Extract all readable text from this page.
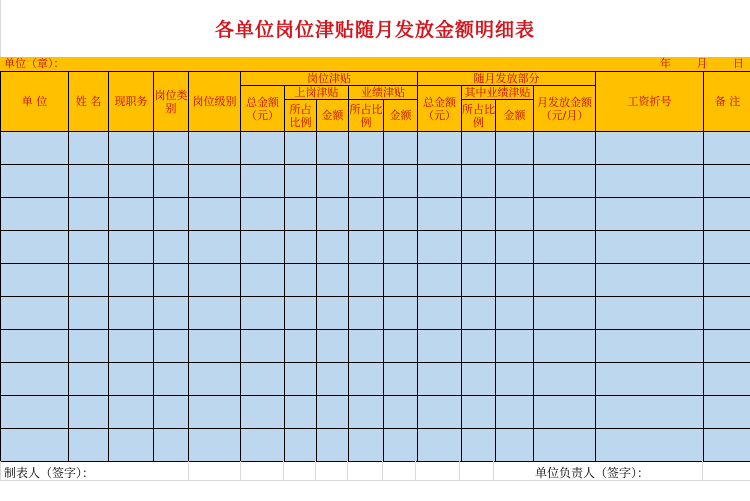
各单位岗位津贴随月发放金额明细表
单位（章）：	年 月 日
单 位	姓 名	现职务	岗位类别	岗位级别	岗位津贴					随月发放部分				工资折号	备 注
					总金额（元）	上岗津贴		业绩津贴		总金额（元）	其中业绩津贴		月发放金额（元/月）		
						所占比例	金额	所占比例	金额		所占比例	金额			

制表人（签字）：	单位负责人（签字）：
